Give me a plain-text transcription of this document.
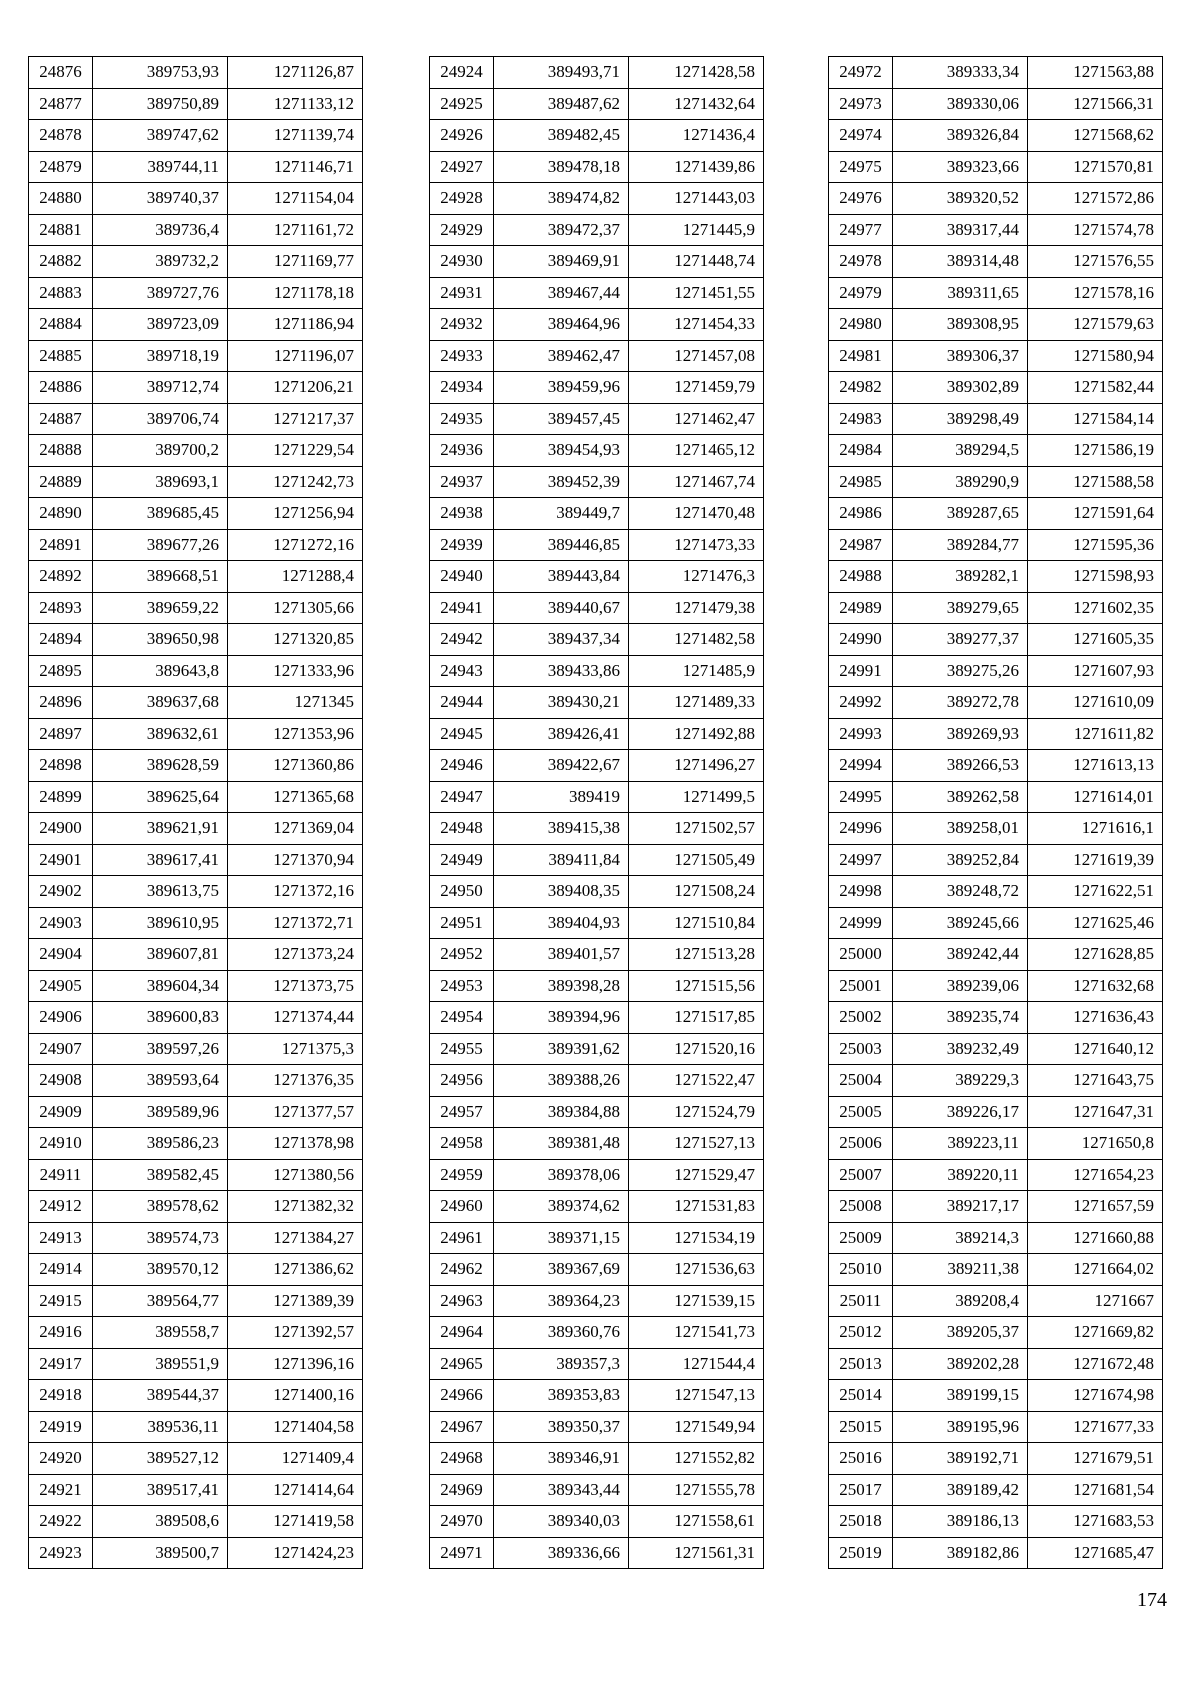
24876	389753,93	1271126,87
24877	389750,89	1271133,12
24878	389747,62	1271139,74
24879	389744,11	1271146,71
24880	389740,37	1271154,04
24881	389736,4	1271161,72
24882	389732,2	1271169,77
24883	389727,76	1271178,18
24884	389723,09	1271186,94
24885	389718,19	1271196,07
24886	389712,74	1271206,21
24887	389706,74	1271217,37
24888	389700,2	1271229,54
24889	389693,1	1271242,73
24890	389685,45	1271256,94
24891	389677,26	1271272,16
24892	389668,51	1271288,4
24893	389659,22	1271305,66
24894	389650,98	1271320,85
24895	389643,8	1271333,96
24896	389637,68	1271345
24897	389632,61	1271353,96
24898	389628,59	1271360,86
24899	389625,64	1271365,68
24900	389621,91	1271369,04
24901	389617,41	1271370,94
24902	389613,75	1271372,16
24903	389610,95	1271372,71
24904	389607,81	1271373,24
24905	389604,34	1271373,75
24906	389600,83	1271374,44
24907	389597,26	1271375,3
24908	389593,64	1271376,35
24909	389589,96	1271377,57
24910	389586,23	1271378,98
24911	389582,45	1271380,56
24912	389578,62	1271382,32
24913	389574,73	1271384,27
24914	389570,12	1271386,62
24915	389564,77	1271389,39
24916	389558,7	1271392,57
24917	389551,9	1271396,16
24918	389544,37	1271400,16
24919	389536,11	1271404,58
24920	389527,12	1271409,4
24921	389517,41	1271414,64
24922	389508,6	1271419,58
24923	389500,7	1271424,23
24924	389493,71	1271428,58
24925	389487,62	1271432,64
24926	389482,45	1271436,4
24927	389478,18	1271439,86
24928	389474,82	1271443,03
24929	389472,37	1271445,9
24930	389469,91	1271448,74
24931	389467,44	1271451,55
24932	389464,96	1271454,33
24933	389462,47	1271457,08
24934	389459,96	1271459,79
24935	389457,45	1271462,47
24936	389454,93	1271465,12
24937	389452,39	1271467,74
24938	389449,7	1271470,48
24939	389446,85	1271473,33
24940	389443,84	1271476,3
24941	389440,67	1271479,38
24942	389437,34	1271482,58
24943	389433,86	1271485,9
24944	389430,21	1271489,33
24945	389426,41	1271492,88
24946	389422,67	1271496,27
24947	389419	1271499,5
24948	389415,38	1271502,57
24949	389411,84	1271505,49
24950	389408,35	1271508,24
24951	389404,93	1271510,84
24952	389401,57	1271513,28
24953	389398,28	1271515,56
24954	389394,96	1271517,85
24955	389391,62	1271520,16
24956	389388,26	1271522,47
24957	389384,88	1271524,79
24958	389381,48	1271527,13
24959	389378,06	1271529,47
24960	389374,62	1271531,83
24961	389371,15	1271534,19
24962	389367,69	1271536,63
24963	389364,23	1271539,15
24964	389360,76	1271541,73
24965	389357,3	1271544,4
24966	389353,83	1271547,13
24967	389350,37	1271549,94
24968	389346,91	1271552,82
24969	389343,44	1271555,78
24970	389340,03	1271558,61
24971	389336,66	1271561,31
24972	389333,34	1271563,88
24973	389330,06	1271566,31
24974	389326,84	1271568,62
24975	389323,66	1271570,81
24976	389320,52	1271572,86
24977	389317,44	1271574,78
24978	389314,48	1271576,55
24979	389311,65	1271578,16
24980	389308,95	1271579,63
24981	389306,37	1271580,94
24982	389302,89	1271582,44
24983	389298,49	1271584,14
24984	389294,5	1271586,19
24985	389290,9	1271588,58
24986	389287,65	1271591,64
24987	389284,77	1271595,36
24988	389282,1	1271598,93
24989	389279,65	1271602,35
24990	389277,37	1271605,35
24991	389275,26	1271607,93
24992	389272,78	1271610,09
24993	389269,93	1271611,82
24994	389266,53	1271613,13
24995	389262,58	1271614,01
24996	389258,01	1271616,1
24997	389252,84	1271619,39
24998	389248,72	1271622,51
24999	389245,66	1271625,46
25000	389242,44	1271628,85
25001	389239,06	1271632,68
25002	389235,74	1271636,43
25003	389232,49	1271640,12
25004	389229,3	1271643,75
25005	389226,17	1271647,31
25006	389223,11	1271650,8
25007	389220,11	1271654,23
25008	389217,17	1271657,59
25009	389214,3	1271660,88
25010	389211,38	1271664,02
25011	389208,4	1271667
25012	389205,37	1271669,82
25013	389202,28	1271672,48
25014	389199,15	1271674,98
25015	389195,96	1271677,33
25016	389192,71	1271679,51
25017	389189,42	1271681,54
25018	389186,13	1271683,53
25019	389182,86	1271685,47
174
